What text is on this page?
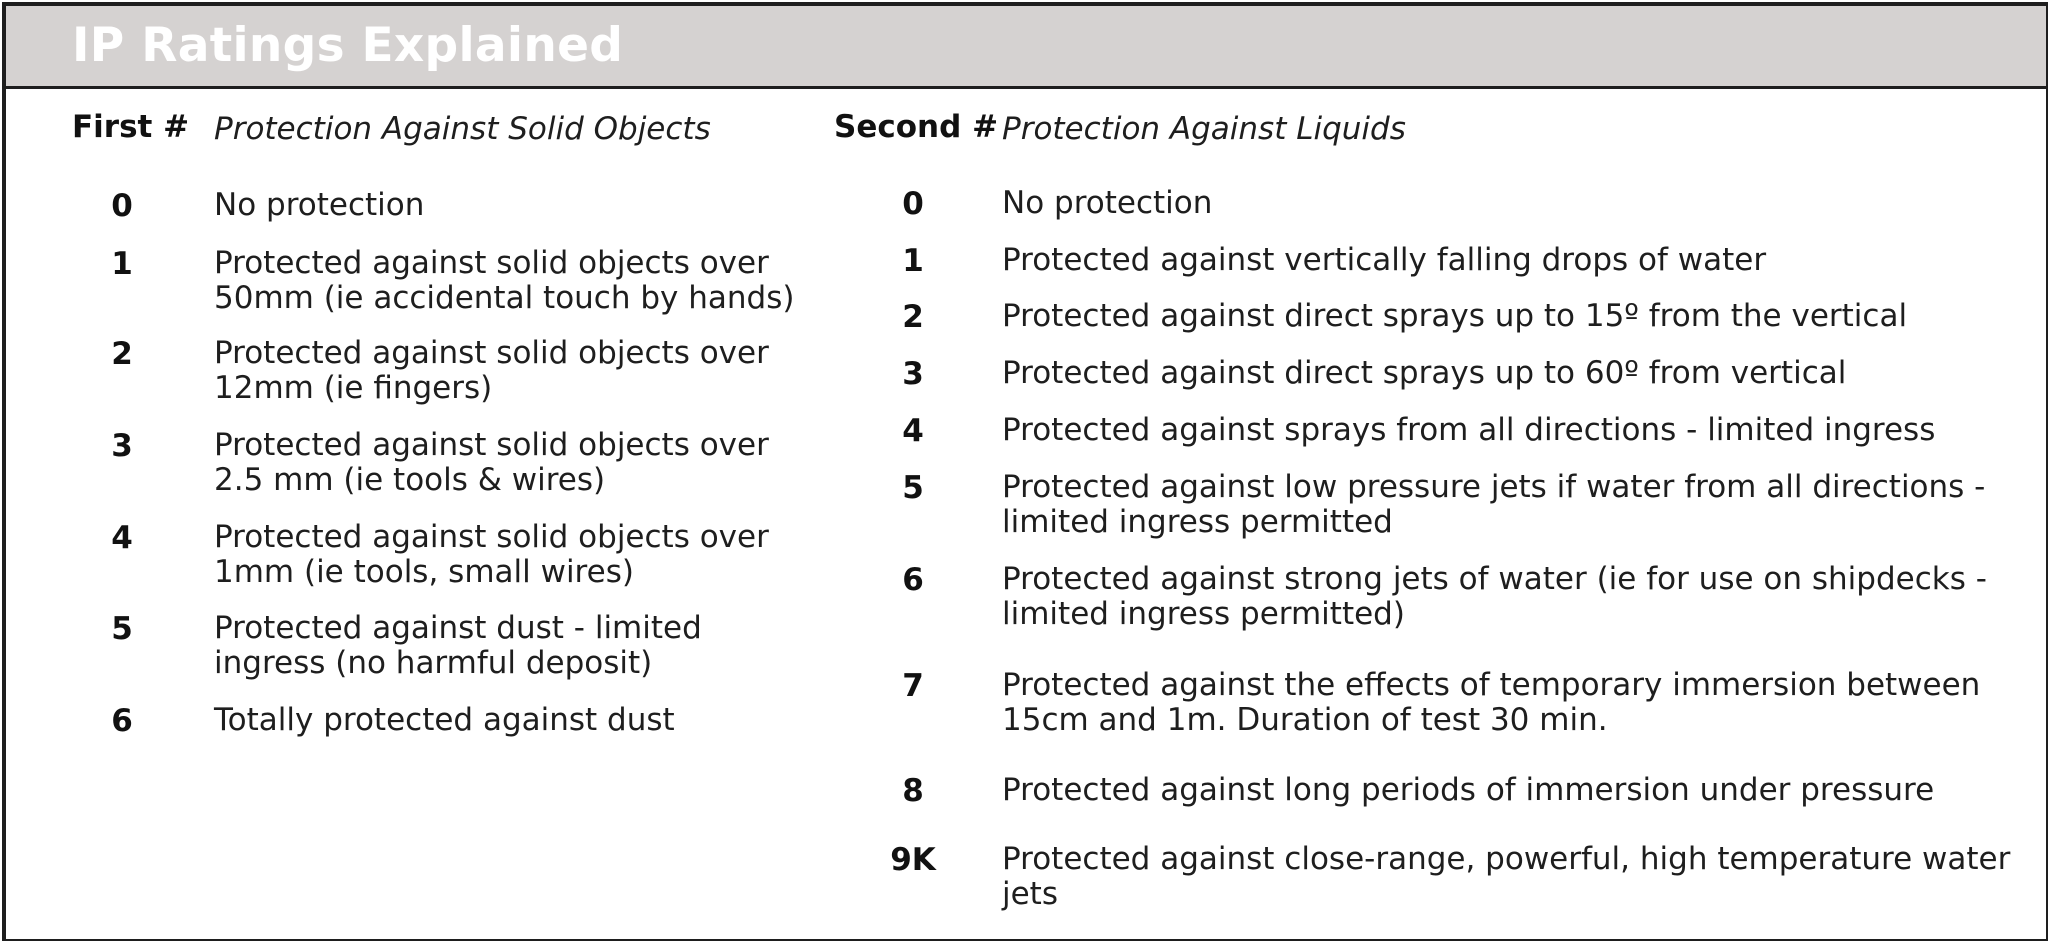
IP Ratings Explained
First # Protection Against Solid Objects	Second # Protection Against Liquids
0	No protection
1	Protected against solid objects over 50mm (ie accidental touch by hands)
2	Protected against solid objects over 12mm (ie fingers)
3	Protected against solid objects over 2.5 mm (ie tools & wires)
4	Protected against solid objects over 1mm (ie tools, small wires)
5	Protected against dust - limited ingress (no harmful deposit)
6	Totally protected against dust
0	No protection
1	Protected against vertically falling drops of water
2	Protected against direct sprays up to 15º from the vertical
3	Protected against direct sprays up to 60º from vertical
4	Protected against sprays from all directions - limited ingress
5	Protected against low pressure jets if water from all directions - limited ingress permitted
6	Protected against strong jets of water (ie for use on shipdecks - limited ingress permitted)
7	Protected against the effects of temporary immersion between 15cm and 1m. Duration of test 30 min.
8	Protected against long periods of immersion under pressure
9K	Protected against close-range, powerful, high temperature water jets
